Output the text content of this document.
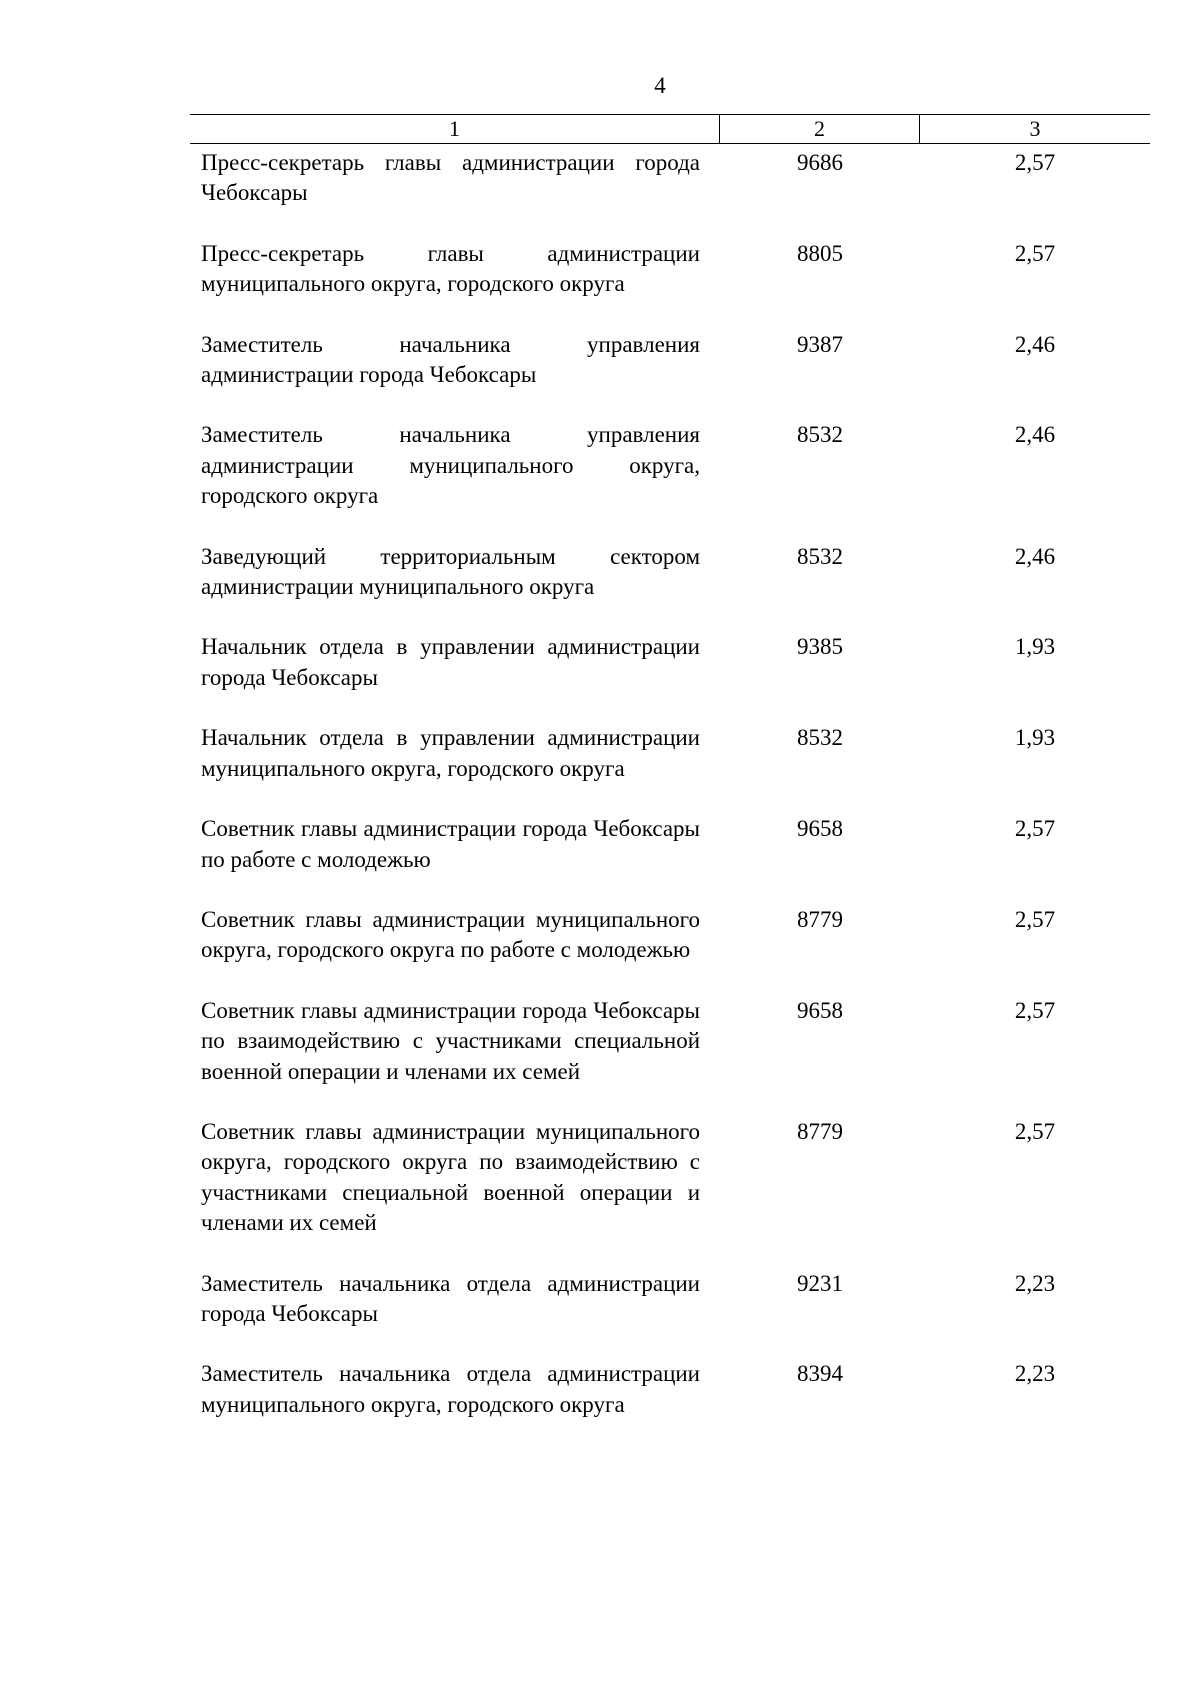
4
1	2	3
Пресс-секретарь главы администрации города Чебоксары
9686	2,57
Пресс-секретарь главы администрации муниципального округа, городского округа
8805	2,57
Заместитель начальника управления администрации города Чебоксары
9387	2,46
Заместитель начальника управления администрации муниципального округа, городского округа
8532	2,46
Заведующий территориальным сектором администрации муниципального округа
8532	2,46
Начальник отдела в управлении администрации города Чебоксары
9385	1,93
Начальник отдела в управлении администрации муниципального округа, городского округа
8532	1,93
Советник главы администрации города Чебоксары по работе с молодежью
9658	2,57
Советник главы администрации муниципального округа, городского округа по работе с молодежью
8779	2,57
Советник главы администрации города Чебоксары по взаимодействию с участниками специальной военной операции и членами их семей
9658	2,57
Советник главы администрации муниципального округа, городского округа по взаимодействию с участниками специальной военной операции и членами их семей
8779	2,57
Заместитель начальника отдела администрации города Чебоксары
9231	2,23
Заместитель начальника отдела администрации муниципального округа, городского округа
8394	2,23
